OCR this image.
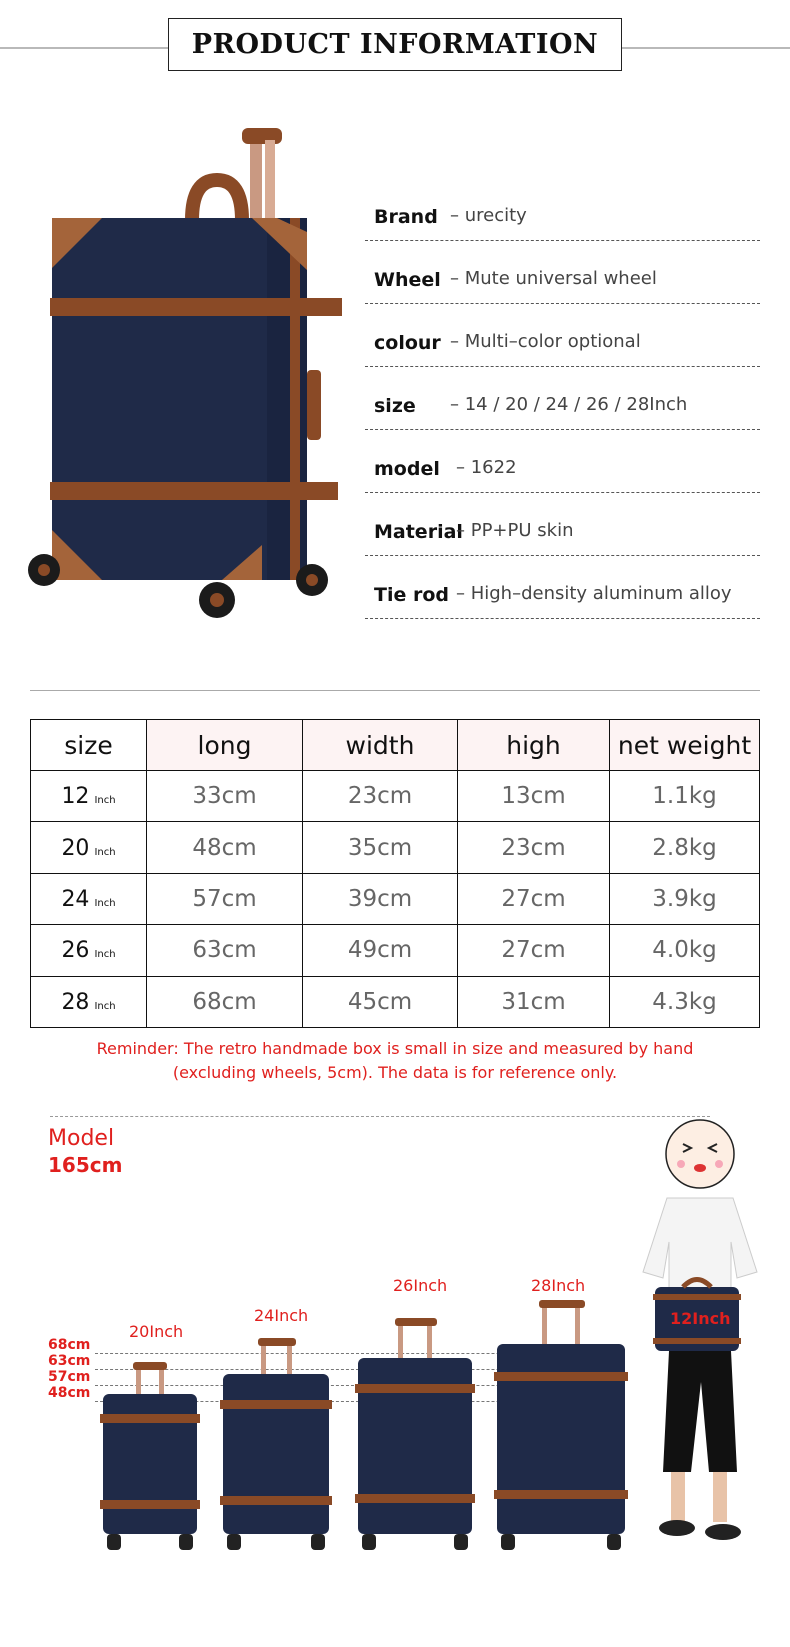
PRODUCT INFORMATION
Brand – urecity
Wheel – Mute universal wheel
colour – Multi–color optional
size – 14 / 20 / 24 / 26 / 28Inch
model – 1622
Material
– PP+PU skin
Tie rod – High–density aluminum alloy
size	long	width	high	net weight
12 Inch	33cm	23cm	13cm	1.1kg
20 Inch	48cm	35cm	23cm	2.8kg
24 Inch	57cm	39cm	27cm	3.9kg
26 Inch	63cm	49cm	27cm	4.0kg
28 Inch	68cm	45cm	31cm	4.3kg
Reminder: The retro handmade box is small in size and measured by hand
(excluding wheels, 5cm). The data is for reference only.
Model
165cm
68cm
63cm
57cm
48cm
20Inch
24Inch
26Inch	28Inch
12Inch
